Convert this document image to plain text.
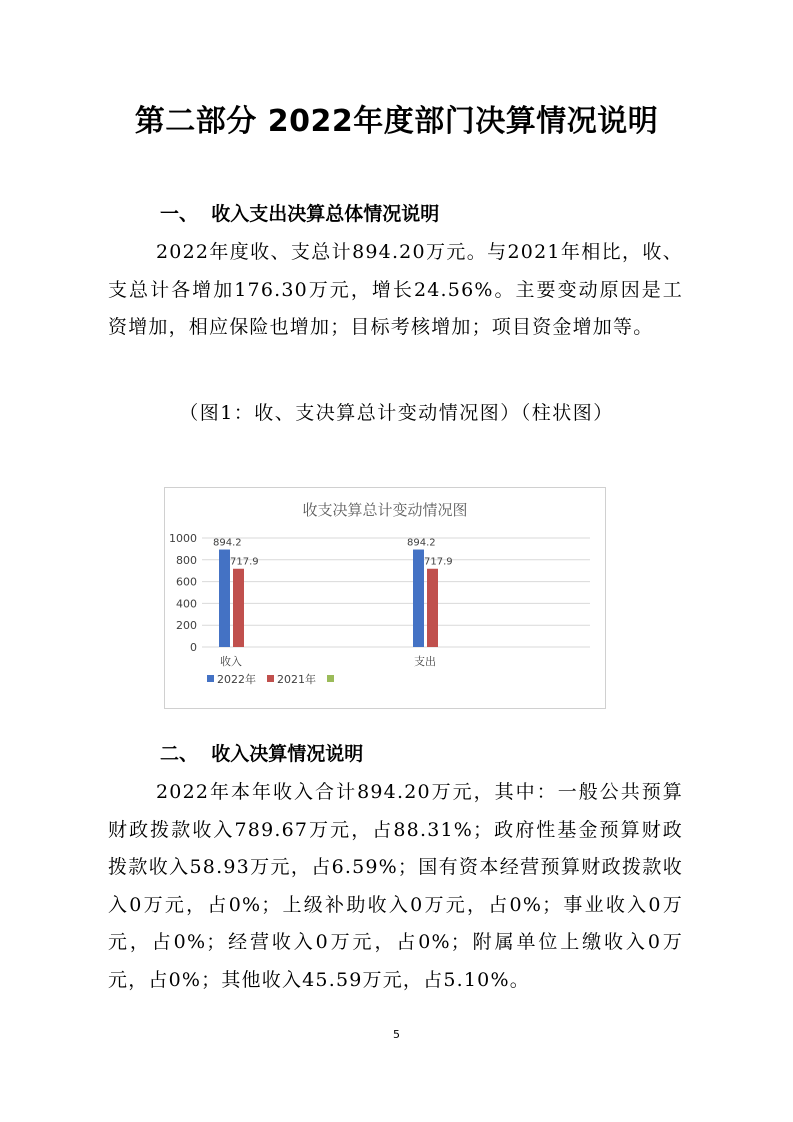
第二部分 2022年度部门决算情况说明
一、  收入支出决算总体情况说明
2022年度收、支总计894.20万元。与2021年相比，收、支总计各增加176.30万元，增长24.56%。主要变动原因是工资增加，相应保险也增加；目标考核增加；项目资金增加等。
（图1：收、支决算总计变动情况图）（柱状图）
收支决算总计变动情况图
0
200
400
600
800
1000 894.2
717.9
894.2
717.9
收入	支出
2022年 2021年
二、  收入决算情况说明
2022年本年收入合计894.20万元，其中：一般公共预算财政拨款收入789.67万元，占88.31%；政府性基金预算财政拨款收入58.93万元，占6.59%；国有资本经营预算财政拨款收入0万元，占0%；上级补助收入0万元，占0%；事业收入0万元，占0%；经营收入0万元，占0%；附属单位上缴收入0万元，占0%；其他收入45.59万元，占5.10%。
5
